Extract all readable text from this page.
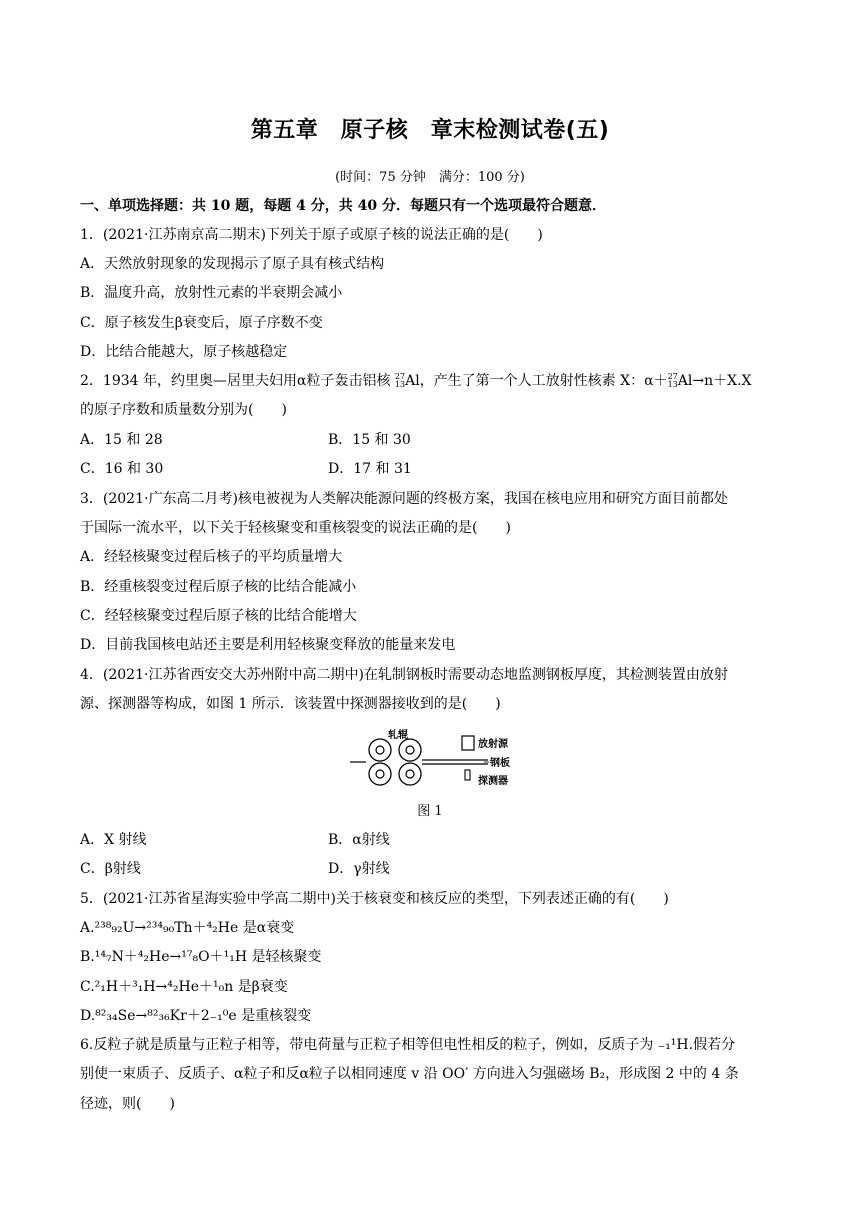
第五章　原子核　章末检测试卷(五)
(时间：75 分钟　满分：100 分)
一、单项选择题：共 10 题，每题 4 分，共 40 分．每题只有一个选项最符合题意．
1．(2021·江苏南京高二期末)下列关于原子或原子核的说法正确的是(　　)
A．天然放射现象的发现揭示了原子具有核式结构
B．温度升高，放射性元素的半衰期会减小
C．原子核发生β衰变后，原子序数不变
D．比结合能越大，原子核越稳定
2．1934 年，约里奥—居里夫妇用α粒子轰击铝核 27
13 Al，产生了第一个人工放射性核素 X：α＋ 27
13 Al→n＋X.X
的原子序数和质量数分别为(　　)
A．15 和 28	B．15 和 30
C．16 和 30	D．17 和 31
3．(2021·广东高二月考)核电被视为人类解决能源问题的终极方案，我国在核电应用和研究方面目前都处
于国际一流水平，以下关于轻核聚变和重核裂变的说法正确的是(　　)
B．经重核裂变过程后原子核的比结合能减小
A．经轻核聚变过程后核子的平均质量增大
C．经轻核聚变过程后原子核的比结合能增大
D．目前我国核电站还主要是利用轻核聚变释放的能量来发电
4．(2021·江苏省西安交大苏州附中高二期中)在轧制钢板时需要动态地监测钢板厚度，其检测装置由放射
源、探测器等构成，如图 1 所示．该装置中探测器接收到的是(　　)
轧辊
放射源
钢板
探测器
图 1
A．X 射线	B．α射线
C．β射线	D．γ射线
5．(2021·江苏省星海实验中学高二期中)关于核衰变和核反应的类型，下列表述正确的有(　　)
A.²³⁸₉₂U→²³⁴₉₀Th＋⁴₂He 是α衰变
B.¹⁴₇N＋⁴₂He→¹⁷₈O＋¹₁H 是轻核聚变
C.²₁H＋³₁H→⁴₂He＋¹₀n 是β衰变
D.⁸²₃₄Se→⁸²₃₆Kr＋2₋₁⁰e 是重核裂变
6.反粒子就是质量与正粒子相等，带电荷量与正粒子相等但电性相反的粒子，例如，反质子为 ₋₁¹H.假若分
别使一束质子、反质子、α粒子和反α粒子以相同速度 v 沿 OO′ 方向进入匀强磁场 B₂，形成图 2 中的 4 条
径迹，则(　　)
